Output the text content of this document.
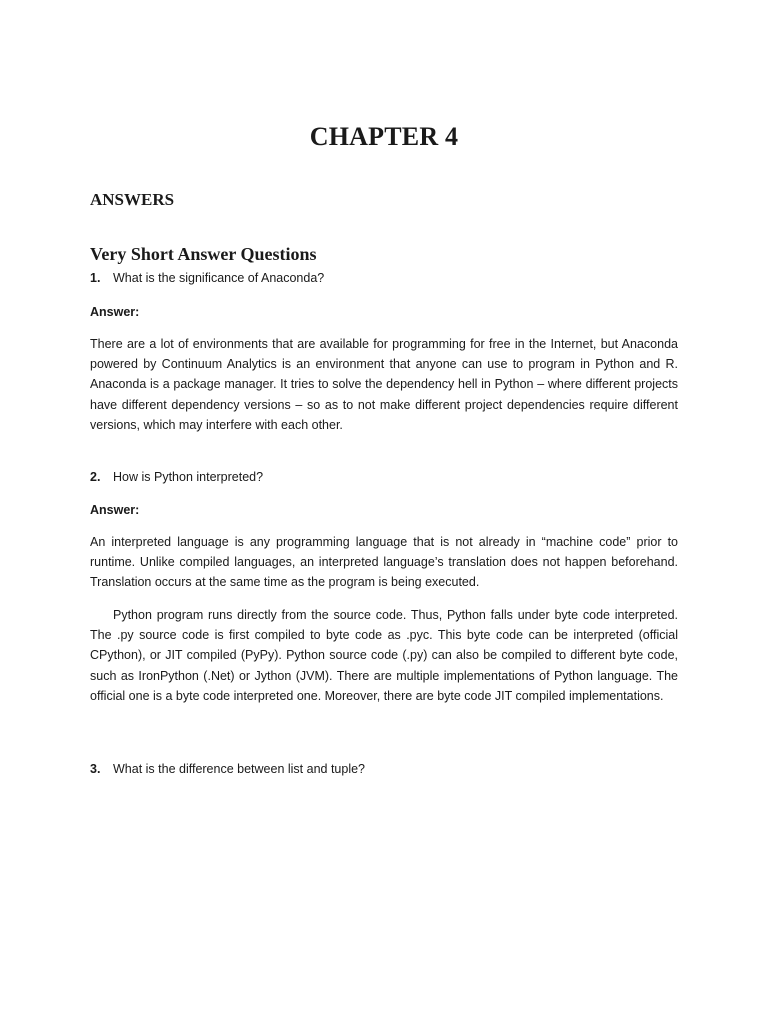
CHAPTER 4
ANSWERS
Very Short Answer Questions

1. What is the significance of Anaconda?

Answer:

There are a lot of environments that are available for programming for free in the Internet, but Anaconda powered by Continuum Analytics is an environment that anyone can use to program in Python and R. Anaconda is a package manager. It tries to solve the dependency hell in Python – where different projects have different dependency versions – so as to not make different project dependencies require different versions, which may interfere with each other.

2. How is Python interpreted?

Answer:

An interpreted language is any programming language that is not already in “machine code” prior to runtime. Unlike compiled languages, an interpreted language’s translation does not happen beforehand. Translation occurs at the same time as the program is being executed.

Python program runs directly from the source code. Thus, Python falls under byte code interpreted. The .py source code is first compiled to byte code as .pyc. This byte code can be interpreted (official CPython), or JIT compiled (PyPy). Python source code (.py) can also be compiled to different byte code, such as IronPython (.Net) or Jython (JVM). There are multiple implementations of Python language. The official one is a byte code interpreted one. Moreover, there are byte code JIT compiled implementations.

3. What is the difference between list and tuple?
